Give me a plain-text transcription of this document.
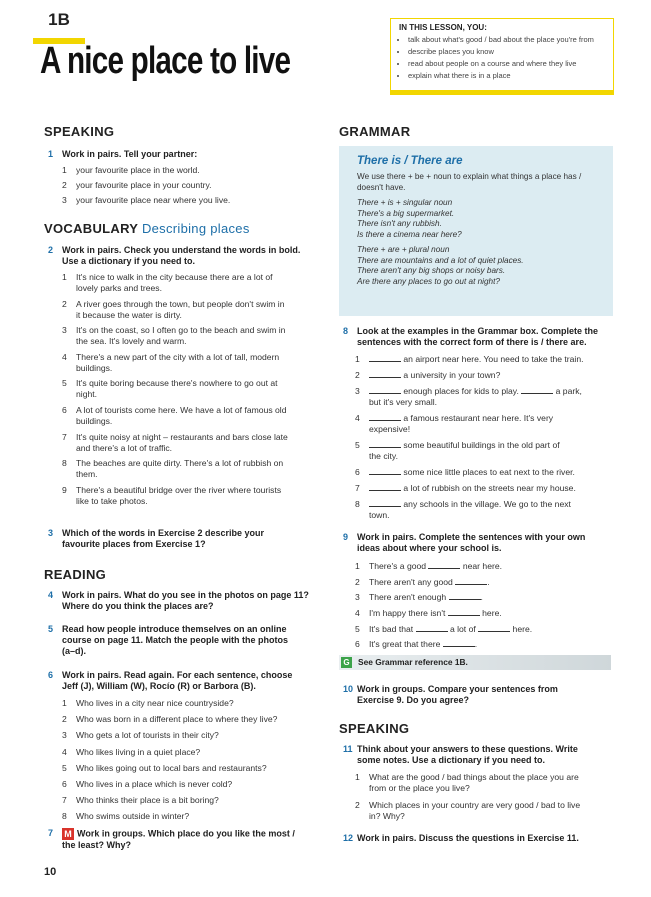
1B
A nice place to live
IN THIS LESSON, YOU:
• talk about what's good / bad about the place you're from
• describe places you know
• read about people on a course and where they live
• explain what there is in a place
SPEAKING
1 Work in pairs. Tell your partner:
1 your favourite place in the world.
2 your favourite place in your country.
3 your favourite place near where you live.
VOCABULARY Describing places
2 Work in pairs. Check you understand the words in bold.
Use a dictionary if you need to.
1 It's nice to walk in the city because there are a lot of
lovely parks and trees.
2 A river goes through the town, but people don't swim in
it because the water is dirty.
3 It's on the coast, so I often go to the beach and swim in
the sea. It's lovely and warm.
4 There's a new part of the city with a lot of tall, modern
buildings.
5 It's quite boring because there's nowhere to go out at
night.
6 A lot of tourists come here. We have a lot of famous old
buildings.
7 It's quite noisy at night – restaurants and bars close late
and there's a lot of traffic.
8 The beaches are quite dirty. There's a lot of rubbish on
them.
9 There's a beautiful bridge over the river where tourists
like to take photos.
3 Which of the words in Exercise 2 describe your
favourite places from Exercise 1?
READING
4 Work in pairs. What do you see in the photos on page 11?
Where do you think the places are?
5 Read how people introduce themselves on an online
course on page 11. Match the people with the photos
(a–d).
6 Work in pairs. Read again. For each sentence, choose
Jeff (J), William (W), Rocío (R) or Barbora (B).
1 Who lives in a city near nice countryside?
2 Who was born in a different place to where they live?
3 Who gets a lot of tourists in their city?
4 Who likes living in a quiet place?
5 Who likes going out to local bars and restaurants?
6 Who lives in a place which is never cold?
7 Who thinks their place is a bit boring?
8 Who swims outside in winter?
7 M Work in groups. Which place do you like the most /
the least? Why?
10
GRAMMAR
There is / There are
We use there + be + noun to explain what things a place has /
doesn't have.
There + is + singular noun
There's a big supermarket.
There isn't any rubbish.
Is there a cinema near here?
There + are + plural noun
There are mountains and a lot of quiet places.
There aren't any big shops or noisy bars.
Are there any places to go out at night?
8 Look at the examples in the Grammar box. Complete the
sentences with the correct form of there is / there are.
1	an airport near here. You need to take the train.
2	a university in your town?
3	enough places for kids to play.	a park,
but it's very small.
4	a famous restaurant near here. It's very
expensive!
5	some beautiful buildings in the old part of
the city.
6	some nice little places to eat next to the river.
7	a lot of rubbish on the streets near my house.
8	any schools in the village. We go to the next
town.
9 Work in pairs. Complete the sentences with your own
ideas about where your school is.
1 There's a good	near here.
2 There aren't any good	.
3 There aren't enough	.
4 I'm happy there isn't	here.
5 It's bad that	a lot of	here.
6 It's great that there	.
G See Grammar reference 1B.
10 Work in groups. Compare your sentences from
Exercise 9. Do you agree?
SPEAKING
11 Think about your answers to these questions. Write
some notes. Use a dictionary if you need to.
1 What are the good / bad things about the place you are
from or the place you live?
2 Which places in your country are very good / bad to live
in? Why?
12 Work in pairs. Discuss the questions in Exercise 11.
